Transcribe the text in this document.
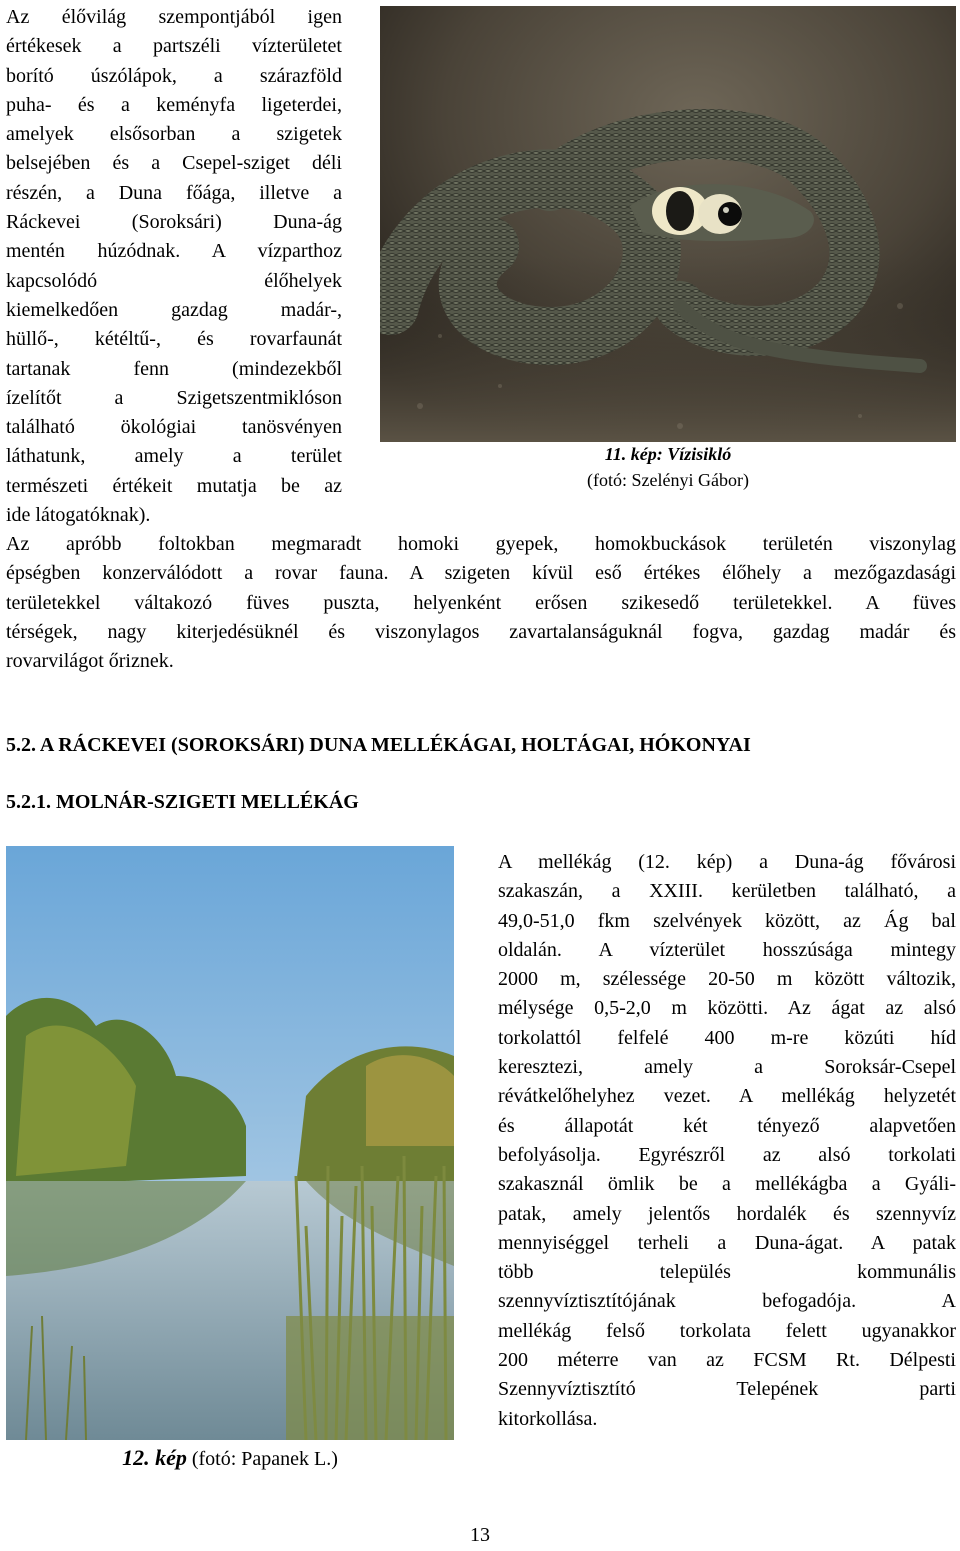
Az élővilág szempontjából igen
értékesek a partszéli vízterületet
borító úszólápok, a szárazföld
puha- és a keményfa ligeterdei,
amelyek elsősorban a szigetek
belsejében és a Csepel-sziget déli
részén, a Duna főága, illetve a
Ráckevei (Soroksári) Duna-ág
mentén húzódnak. A vízparthoz
kapcsolódó élőhelyek
kiemelkedően gazdag madár-,
hüllő-, kétéltű-, és rovarfaunát
tartanak fenn (mindezekből
ízelítőt a Szigetszentmiklóson
található ökológiai tanösvényen
láthatunk, amely a terület
természeti értékeit mutatja be az
ide látogatóknak).
11. kép: Vízisikló
(fotó: Szelényi Gábor)
Az apróbb foltokban megmaradt homoki gyepek, homokbuckások területén viszonylag
épségben konzerválódott a rovar fauna. A szigeten kívül eső értékes élőhely a mezőgazdasági
területekkel váltakozó füves puszta, helyenként erősen szikesedő területekkel. A füves
térségek, nagy kiterjedésüknél és viszonylagos zavartalanságuknál fogva, gazdag madár és
rovarvilágot őriznek.
5.2. A RÁCKEVEI (SOROKSÁRI) DUNA MELLÉKÁGAI, HOLTÁGAI, HÓKONYAI
5.2.1. MOLNÁR-SZIGETI MELLÉKÁG
12. kép (fotó: Papanek L.)
A mellékág (12. kép) a Duna-ág fővárosi
szakaszán, a XXIII. kerületben található, a
49,0-51,0 fkm szelvények között, az Ág bal
oldalán. A vízterület hosszúsága mintegy
2000 m, szélessége 20-50 m között változik,
mélysége 0,5-2,0 m közötti. Az ágat az alsó
torkolattól felfelé 400 m-re közúti híd
keresztezi, amely a Soroksár-Csepel
révátkelőhelyhez vezet. A mellékág helyzetét
és állapotát két tényező alapvetően
befolyásolja. Egyrészről az alsó torkolati
szakasznál ömlik be a mellékágba a Gyáli-
patak, amely jelentős hordalék és szennyvíz
mennyiséggel terheli a Duna-ágat. A patak
több település kommunális
szennyvíztisztítójának befogadója. A
mellékág felső torkolata felett ugyanakkor
200 méterre van az FCSM Rt. Délpesti
Szennyvíztisztító Telepének parti
kitorkollása.
13
